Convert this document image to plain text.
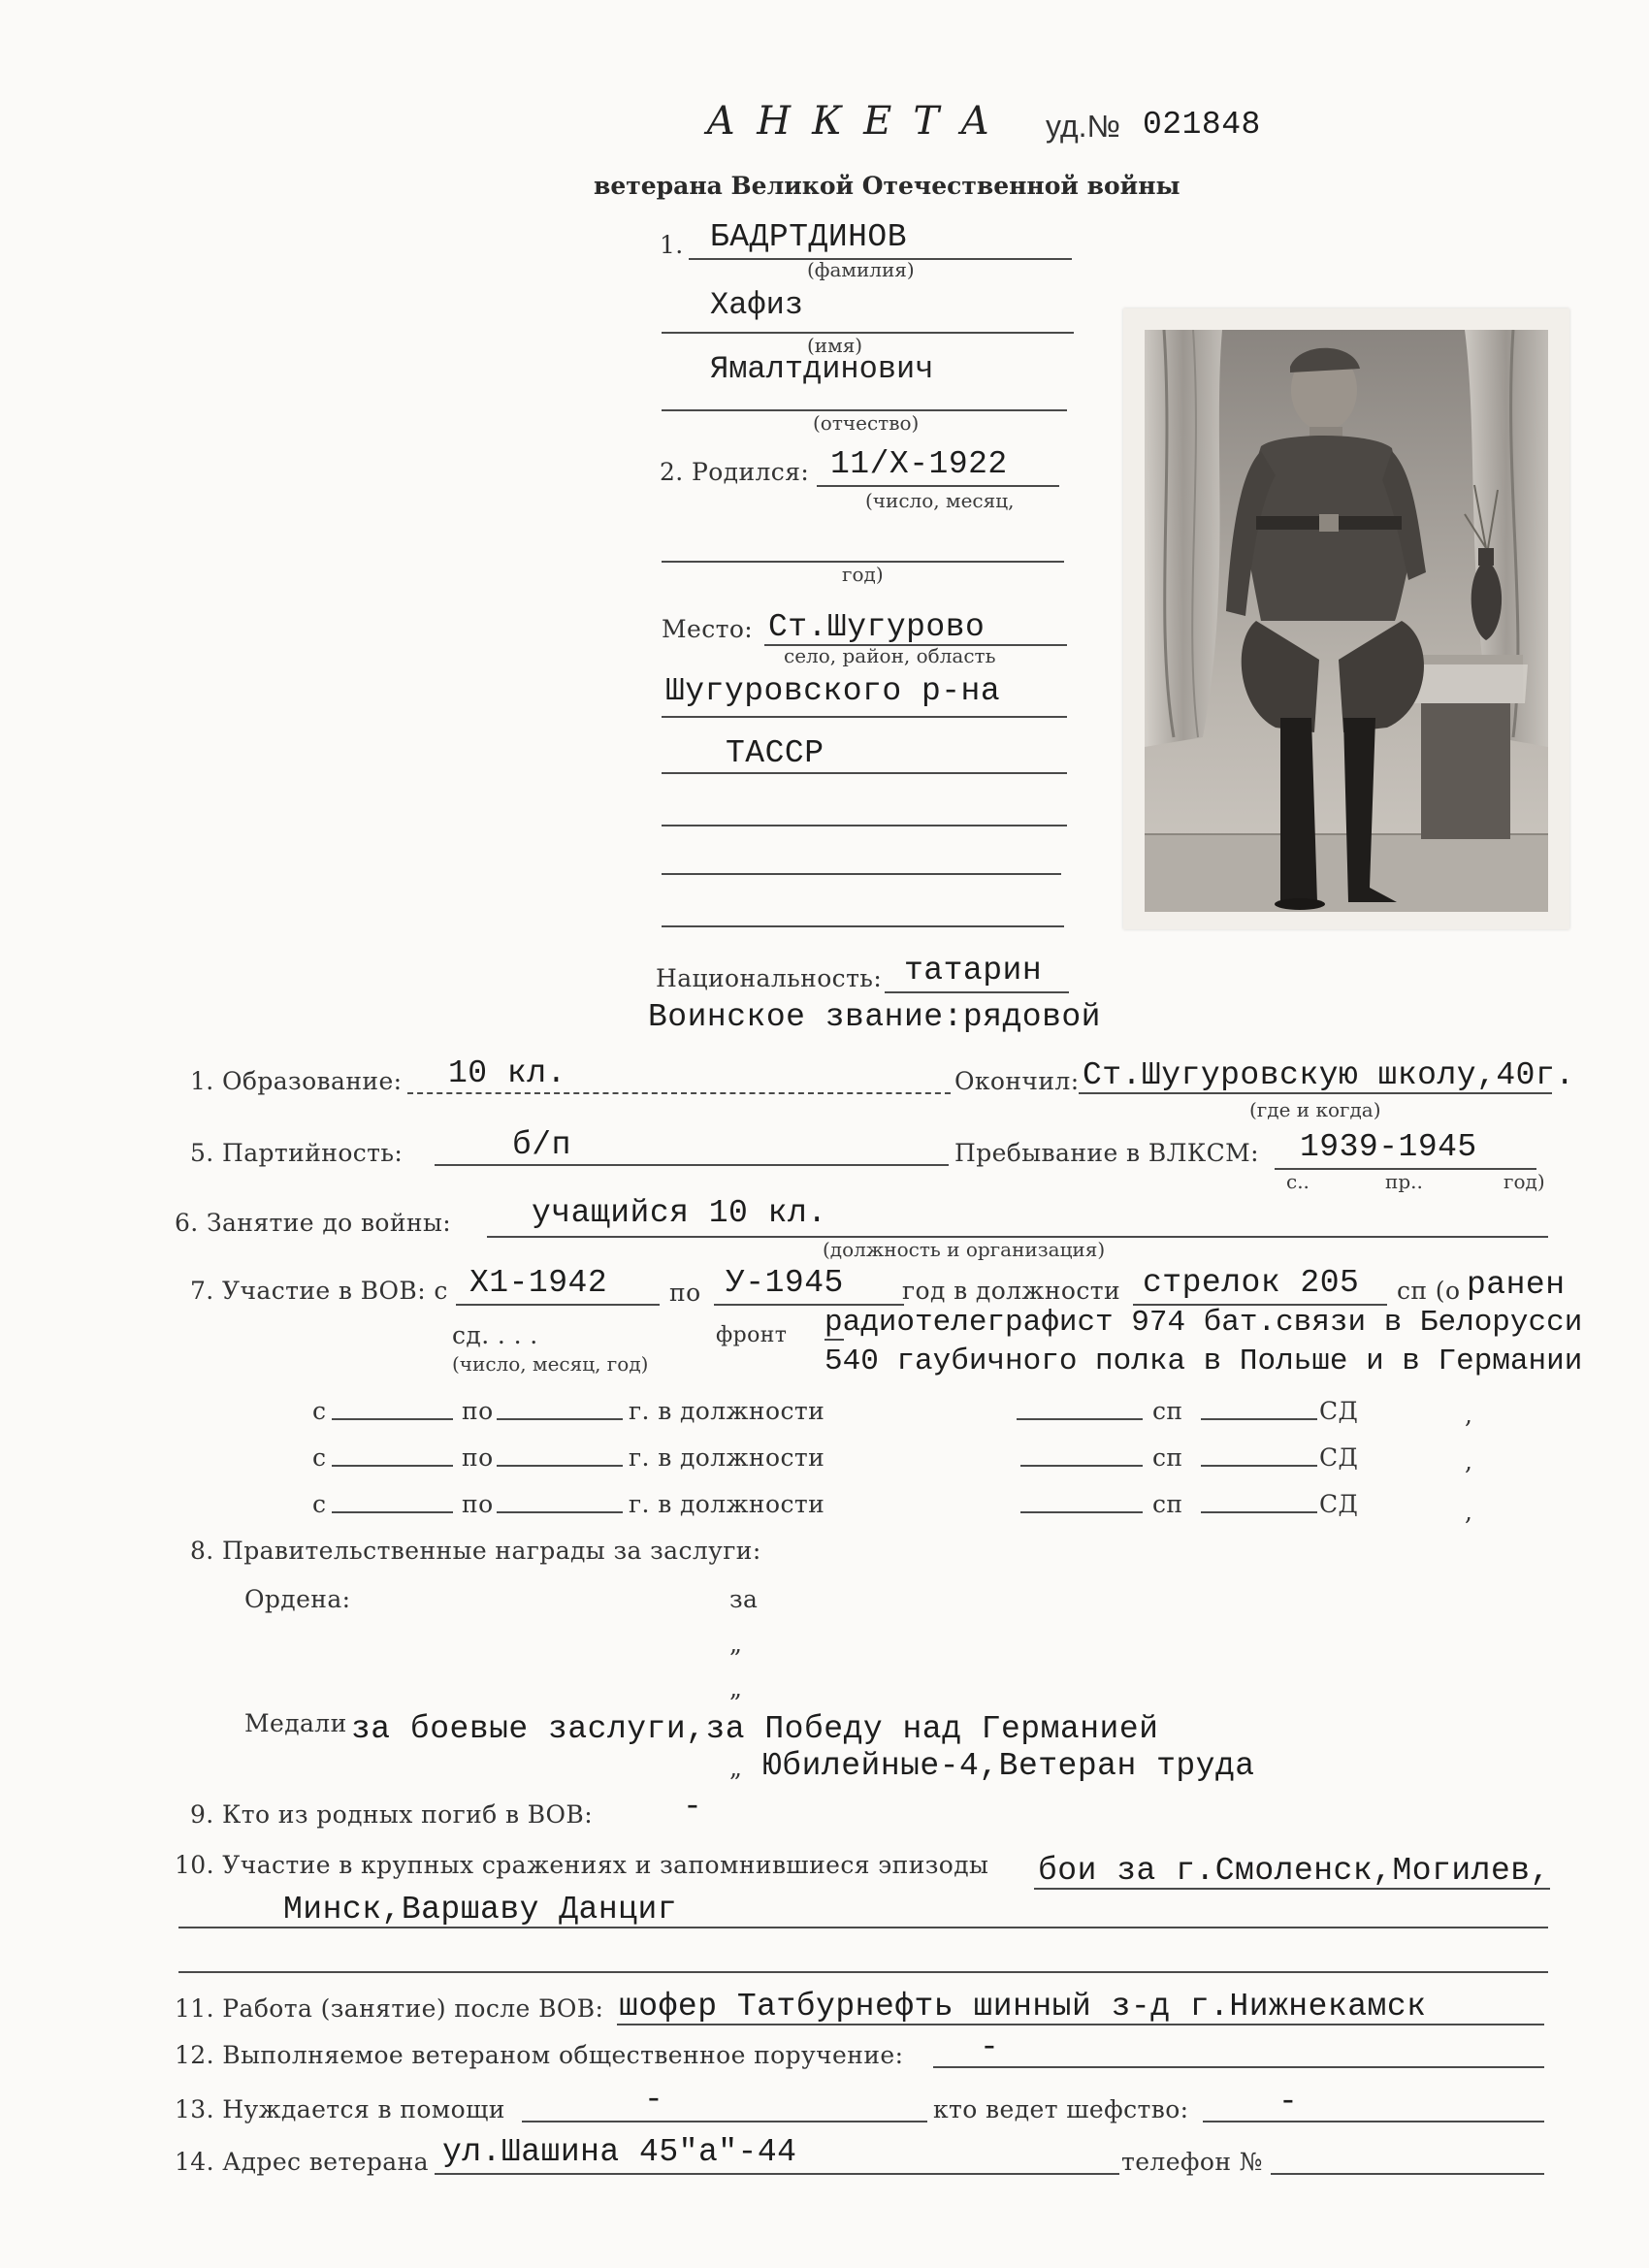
АНКЕТА уд.№ 021848
ветерана Великой Отечественной войны
1. БАДРТДИНОВ
(фамилия)
Хафиз
(имя)
Ямалтдинович
(отчество)
2. Родился: 11/Х-1922
(число, месяц,
год)
Место: Ст.Шугурово
село, район, область
Шугуровского р-на
ТАССР
Национальность: татарин
Воинское звание:рядовой
1. Образование: 10 кл.	Окончил: Ст.Шугуровскую школу,40г.
(где и когда)
5. Партийность:	б/п	Пребывание в ВЛКСМ: 1939-1945
с..	пр..	год)
6. Занятие до войны:	учащийся 10 кл.
(должность и организация)
7. Участие в ВОВ: с Х1-1942	по У-1945 год в должности стрелок 205 сп (о ранен
сд. . . .	фронт
(число, месяц, год)
радиотелеграфист 974 бат.связи в Белорусси
540 гаубичного полка в Польше и в Германии
с	по	г. в должности	сп	СД	,
с	по	г. в должности	сп	СД	,
с	по	г. в должности	сп	СД	,
8. Правительственные награды за заслуги:
Ордена:	за
„
„
Медали за боевые заслуги,за Победу над Германией
„ Юбилейные-4,Ветеран труда
9. Кто из родных погиб в ВОВ:	-
10. Участие в крупных сражениях и запомнившиеся эпизоды бои за г.Смоленск,Могилев,
Минск,Варшаву Данциг
11. Работа (занятие) после ВОВ: шофер Татбурнефть шинный з-д г.Нижнекамск
12. Выполняемое ветераном общественное поручение: -
13. Нуждается в помощи	-	кто ведет шефство:	-
14. Адрес ветерана ул.Шашина 45"а"-44	телефон №
